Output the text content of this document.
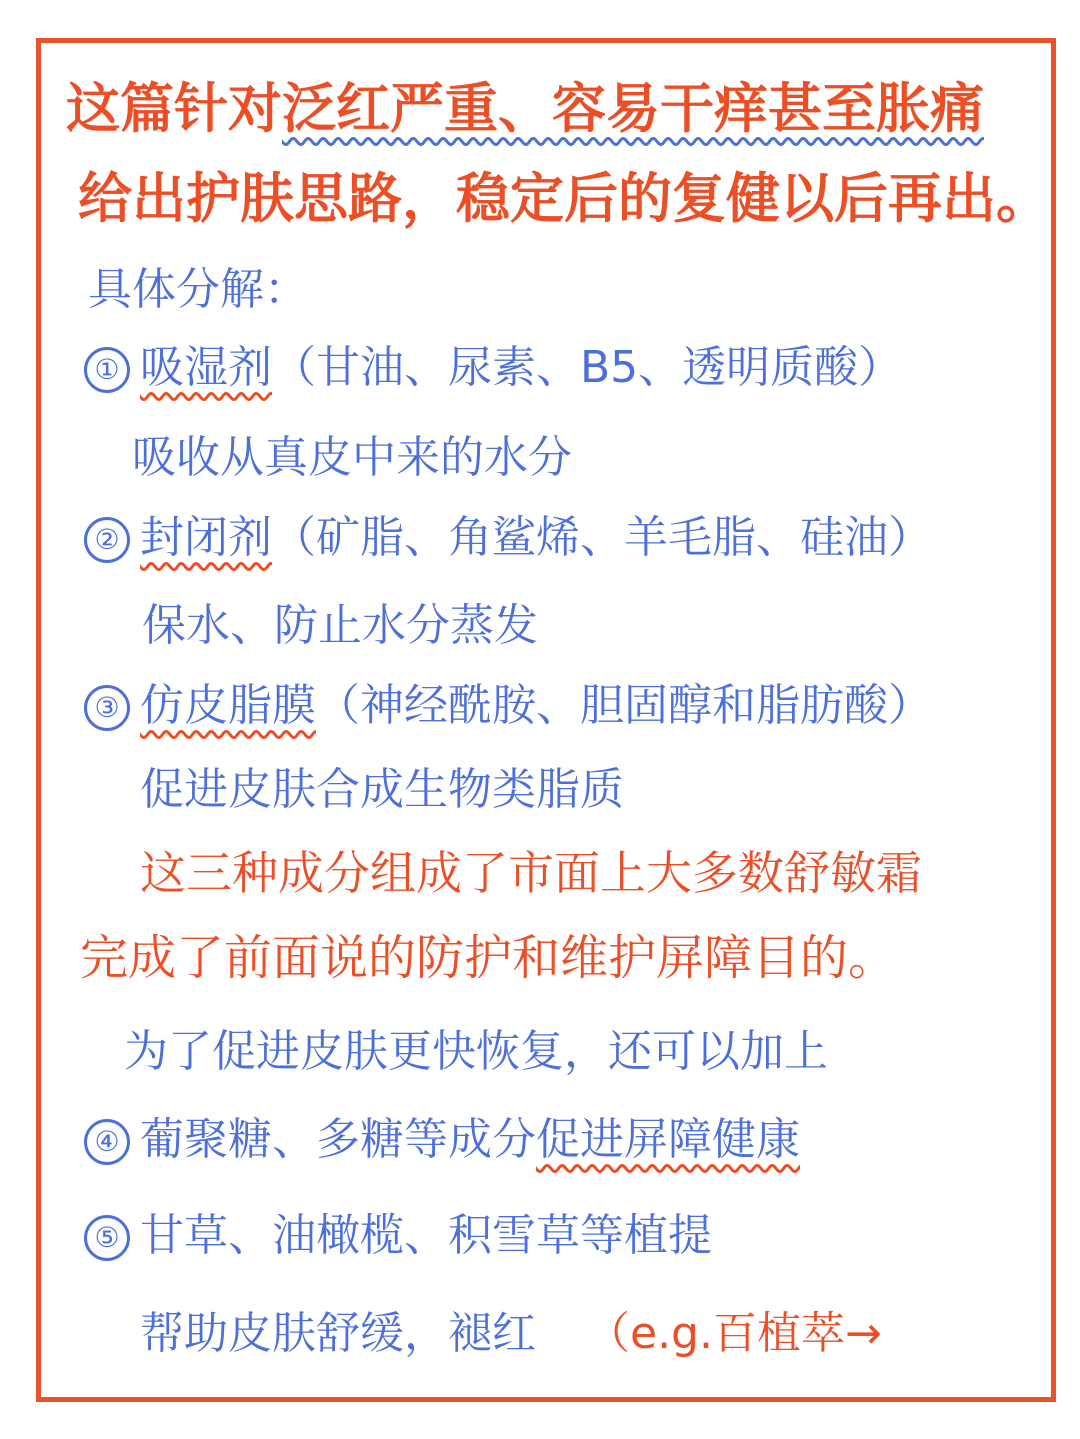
这篇针对泛红严重、容易干痒甚至胀痛
给出护肤思路，稳定后的复健以后再出。
具体分解：
① 吸湿剂（甘油、尿素、B5、透明质酸）
吸收从真皮中来的水分
② 封闭剂（矿脂、角鲨烯、羊毛脂、硅油）
保水、防止水分蒸发
③ 仿皮脂膜（神经酰胺、胆固醇和脂肪酸）
促进皮肤合成生物类脂质
这三种成分组成了市面上大多数舒敏霜
完成了前面说的防护和维护屏障目的。
为了促进皮肤更快恢复，还可以加上
④ 葡聚糖、多糖等成分促进屏障健康
⑤ 甘草、油橄榄、积雪草等植提
帮助皮肤舒缓，褪红 （e.g.百植萃→
